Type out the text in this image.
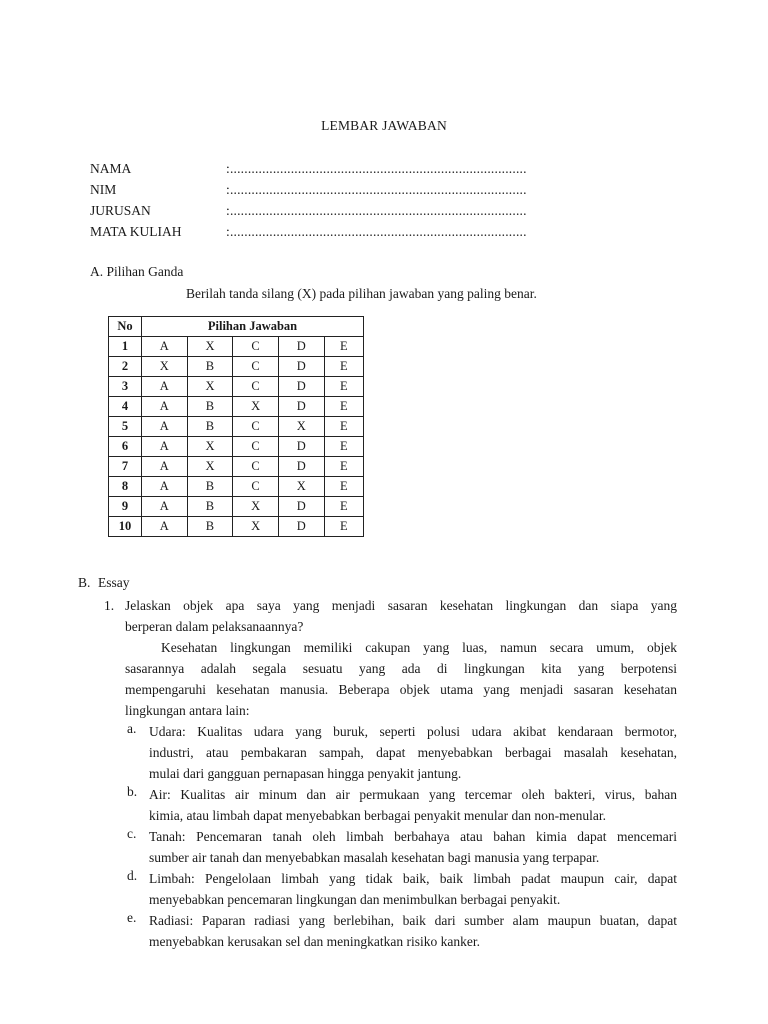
LEMBAR JAWABAN
NAMA	:...................................................................................
NIM	:...................................................................................
JURUSAN	:...................................................................................
MATA KULIAH	:...................................................................................
A. Pilihan Ganda
Berilah tanda silang (X) pada pilihan jawaban yang paling benar.
No	Pilihan Jawaban				
1	A	X	C	D	E
2	X	B	C	D	E
3	A	X	C	D	E
4	A	B	X	D	E
5	A	B	C	X	E
6	A	X	C	D	E
7	A	X	C	D	E
8	A	B	C	X	E
9	A	B	X	D	E
10	A	B	X	D	E
B. Essay
1. Jelaskan objek apa saya yang menjadi sasaran kesehatan lingkungan dan siapa yang
berperan dalam pelaksanaannya?
Kesehatan lingkungan memiliki cakupan yang luas, namun secara umum, objek
sasarannya adalah segala sesuatu yang ada di lingkungan kita yang berpotensi
mempengaruhi kesehatan manusia. Beberapa objek utama yang menjadi sasaran kesehatan
lingkungan antara lain:
a. Udara: Kualitas udara yang buruk, seperti polusi udara akibat kendaraan bermotor,
industri, atau pembakaran sampah, dapat menyebabkan berbagai masalah kesehatan,
mulai dari gangguan pernapasan hingga penyakit jantung.
b. Air: Kualitas air minum dan air permukaan yang tercemar oleh bakteri, virus, bahan
kimia, atau limbah dapat menyebabkan berbagai penyakit menular dan non-menular.
c. Tanah: Pencemaran tanah oleh limbah berbahaya atau bahan kimia dapat mencemari
sumber air tanah dan menyebabkan masalah kesehatan bagi manusia yang terpapar.
d. Limbah: Pengelolaan limbah yang tidak baik, baik limbah padat maupun cair, dapat
menyebabkan pencemaran lingkungan dan menimbulkan berbagai penyakit.
e. Radiasi: Paparan radiasi yang berlebihan, baik dari sumber alam maupun buatan, dapat
menyebabkan kerusakan sel dan meningkatkan risiko kanker.
